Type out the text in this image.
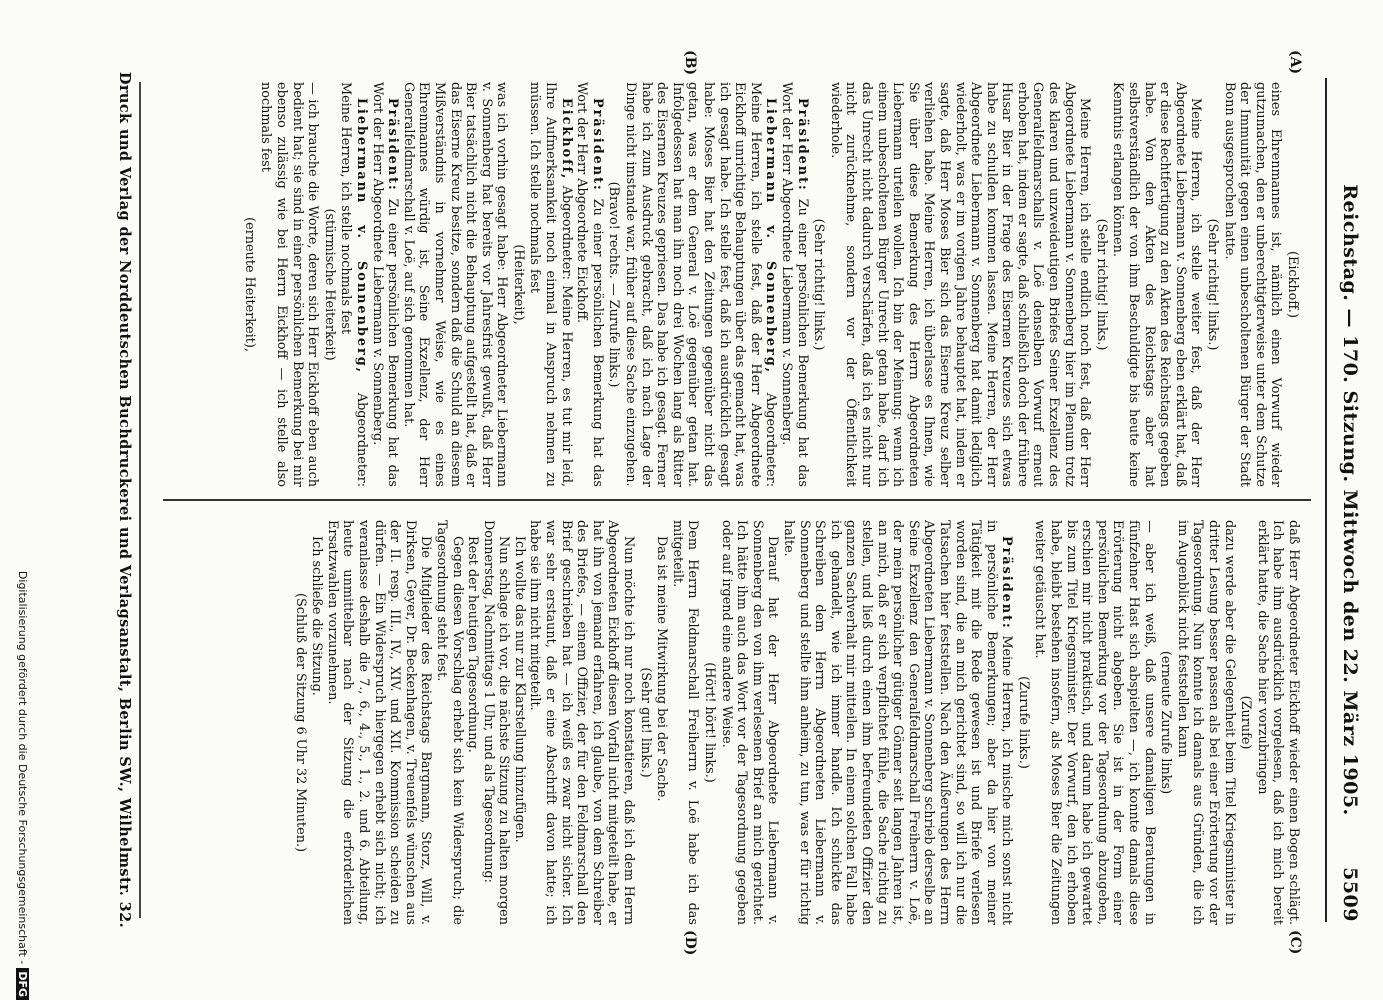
Reichstag. — 170. Sitzung. Mittwoch den 22. März 1905.
5509
(A)
(B)
(C)
(D)

(Eickhoff.)

eines Ehrenmannes ist, nämlich einen Vorwurf wieder gutzumachen, den er unberechtigterweise unter dem Schutze der Immunität gegen einen unbescholtenen Bürger der Stadt Bonn ausgesprochen hatte.

(Sehr richtig! links.)

Meine Herren, ich stelle weiter fest, daß der Herr Abgeordnete Liebermann v. Sonnenberg eben erklärt hat, daß er diese Rechtfertigung zu den Akten des Reichstags gegeben habe. Von den Akten des Reichstags aber hat selbstverständlich der von ihm Beschuldigte bis heute keine Kenntnis erlangen können.

(Sehr richtig! links.)

Meine Herren, ich stelle endlich noch fest, daß der Herr Abgeordnete Liebermann v. Sonnenberg hier im Plenum trotz des klaren und unzweideutigen Briefes Seiner Exzellenz des Generalfeldmarschalls v. Loë denselben Vorwurf erneut erhoben hat, indem er sagte, daß schließlich doch der frühere Husar Bier in der Frage des Eisernen Kreuzes sich etwas habe zu schulden kommen lassen. Meine Herren, der Herr Abgeordnete Liebermann v. Sonnenberg hat damit lediglich wiederholt, was er im vorigen Jahre behauptet hat, indem er sagte, daß Herr Moses Bier sich das Eiserne Kreuz selber verliehen habe. Meine Herren, ich überlasse es Ihnen, wie Sie über diese Bemerkung des Herrn Abgeordneten Liebermann urteilen wollen. Ich bin der Meinung: wenn ich einem unbescholtenen Bürger Unrecht getan habe, darf ich das Unrecht nicht dadurch verschärfen, daß ich es nicht nur nicht zurücknehme, sondern vor der Öffentlichkeit wiederhole.

(Sehr richtig! links.)

Präsident: Zu einer persönlichen Bemerkung hat das Wort der Herr Abgeordnete Liebermann v. Sonnenberg.

Liebermann v. Sonnenberg, Abgeordneter: Meine Herren, ich stelle fest, daß der Herr Abgeordnete Eickhoff unrichtige Behauptungen über das gemacht hat, was ich gesagt habe. Ich stelle fest, daß ich ausdrücklich gesagt habe: Moses Bier hat den Zeitungen gegenüber nicht das getan, was er dem General v. Loë gegenüber getan hat. Infolgedessen hat man ihn noch drei Wochen lang als Ritter des Eisernen Kreuzes gepriesen. Das habe ich gesagt. Ferner habe ich zum Ausdruck gebracht, daß ich nach Lage der Dinge nicht imstande war, früher auf diese Sache einzugehen.

(Bravo! rechts. — Zurufe links.)

Präsident: Zu einer persönlichen Bemerkung hat das Wort der Herr Abgeordnete Eickhoff.

Eickhoff, Abgeordneter: Meine Herren, es tut mir leid, Ihre Aufmerksamkeit noch einmal in Anspruch nehmen zu müssen. Ich stelle nochmals fest

(Heiterkeit),

was ich vorhin gesagt habe: Herr Abgeordneter Liebermann v. Sonnenberg hat bereits vor Jahresfrist gewußt, daß Herr Bier tatsächlich nicht die Behauptung aufgestellt hat, daß er das Eiserne Kreuz besitze, sondern daß die Schuld an diesem Mißverständnis in vornehmer Weise, wie es eines Ehrenmannes würdig ist, Seine Exzellenz, der Herr Generalfeldmarschall v. Loë, auf sich genommen hat.

Präsident: Zu einer persönlichen Bemerkung hat das Wort der Herr Abgeordnete Liebermann v. Sonnenberg.

Liebermann v. Sonnenberg, Abgeordneter: Meine Herren, ich stelle nochmals fest

(stürmische Heiterkeit)

— ich brauche die Worte, deren sich Herr Eickhoff eben auch bedient hat; sie sind in einer persönlichen Bemerkung bei mir ebenso zulässig wie bei Herrn Eickhoff — ich stelle also nochmals fest

(erneute Heiterkeit),

daß Herr Abgeordneter Eickhoff wieder einen Bogen schlägt. Ich habe ihm ausdrücklich vorgelesen, daß ich mich bereit erklärt hatte, die Sache hier vorzubringen

(Zurufe)

dazu werde aber die Gelegenheit beim Titel Kriegsminister in dritter Lesung besser passen als bei einer Erörterung vor der Tagesordnung. Nun konnte ich damals aus Gründen, die ich im Augenblick nicht feststellen kann

(erneute Zurufe links)

— aber ich weiß, daß unsere damaligen Beratungen in fünfzehner Hast sich abspielten —, ich konnte damals diese Erörterung nicht abgeben. Sie ist in der Form einer persönlichen Bemerkung vor der Tagesordnung abzugeben, erschien mir nicht praktisch, und darum habe ich gewartet bis zum Titel Kriegsminister. Der Vorwurf, den ich erhoben habe, bleibt bestehen insofern, als Moses Bier die Zeitungen weiter getäuscht hat.

(Zurufe links.)

Präsident: Meine Herren, ich mische mich sonst nicht in persönliche Bemerkungen; aber da hier von meiner Tätigkeit mit die Rede gewesen ist und Briefe verlesen worden sind, die an mich gerichtet sind, so will ich nur die Tatsachen hier feststellen. Nach den Äußerungen des Herrn Abgeordneten Liebermann v. Sonnenberg schrieb derselbe an Seine Exzellenz den Generalfeldmarschall Freiherrn v. Loë, der mein persönlicher gütiger Gönner seit langen Jahren ist, an mich, daß er sich verpflichtet fühle, die Sache richtig zu stellen, und ließ durch einen ihm befreundeten Offizier den ganzen Sachverhalt mir mitteilen. In einem solchen Fall habe ich gehandelt, wie ich immer handle. Ich schickte das Schreiben dem Herrn Abgeordneten Liebermann v. Sonnenberg und stellte ihm anheim, zu tun, was er für richtig halte.

Darauf hat der Herr Abgeordnete Liebermann v. Sonnenberg den von ihm verlesenen Brief an mich gerichtet. Ich hätte ihm auch das Wort vor der Tagesordnung gegeben oder auf irgend eine andere Weise.

(Hört! hört! links.)

Dem Herrn Feldmarschall Freiherrn v. Loë habe ich das mitgeteilt.

Das ist meine Mitwirkung bei der Sache.

(Sehr gut! links.)

Nun möchte ich nur noch konstatieren, daß ich dem Herrn Abgeordneten Eickhoff diesen Vorfall nicht mitgeteilt habe, er hat ihn von jemand erfahren, ich glaube, von dem Schreiber des Briefes, — einem Offizier, der für den Feldmarschall den Brief geschrieben hat — ich weiß es zwar nicht sicher. Ich war sehr erstaunt, daß er eine Abschrift davon hatte; ich habe sie ihm nicht mitgeteilt.

Ich wollte das nur zur Klarstellung hinzufügen.

Nun schlage ich vor, die nächste Sitzung zu halten morgen Donnerstag, Nachmittags 1 Uhr, und als Tagesordnung:

Rest der heutigen Tagesordnung.

Gegen diesen Vorschlag erhebt sich kein Widerspruch; die Tagesordnung steht fest.

Die Mitglieder des Reichstags Bargmann, Storz, Will, v. Dirksen, Geyer, Dr. Beckenhagen, v. Treuenfels wünschen aus der II. resp. III., IV., XIV. und XII. Kommission scheiden zu dürfen. — Ein Widerspruch hiergegen erhebt sich nicht; ich veranlasse deshalb die 7., 6., 4., 5., 1., 2. und 6. Abteilung, heute unmittelbar nach der Sitzung die erforderlichen Ersatzwahlen vorzunehmen.

Ich schließe die Sitzung.

(Schluß der Sitzung 6 Uhr 32 Minuten.)

Druck und Verlag der Norddeutschen Buchdruckerei und Verlagsanstalt, Berlin SW., Wilhelmstr. 32.
Digitalisierung gefördert durch die Deutsche Forschungsgemeinschaft -DFG
